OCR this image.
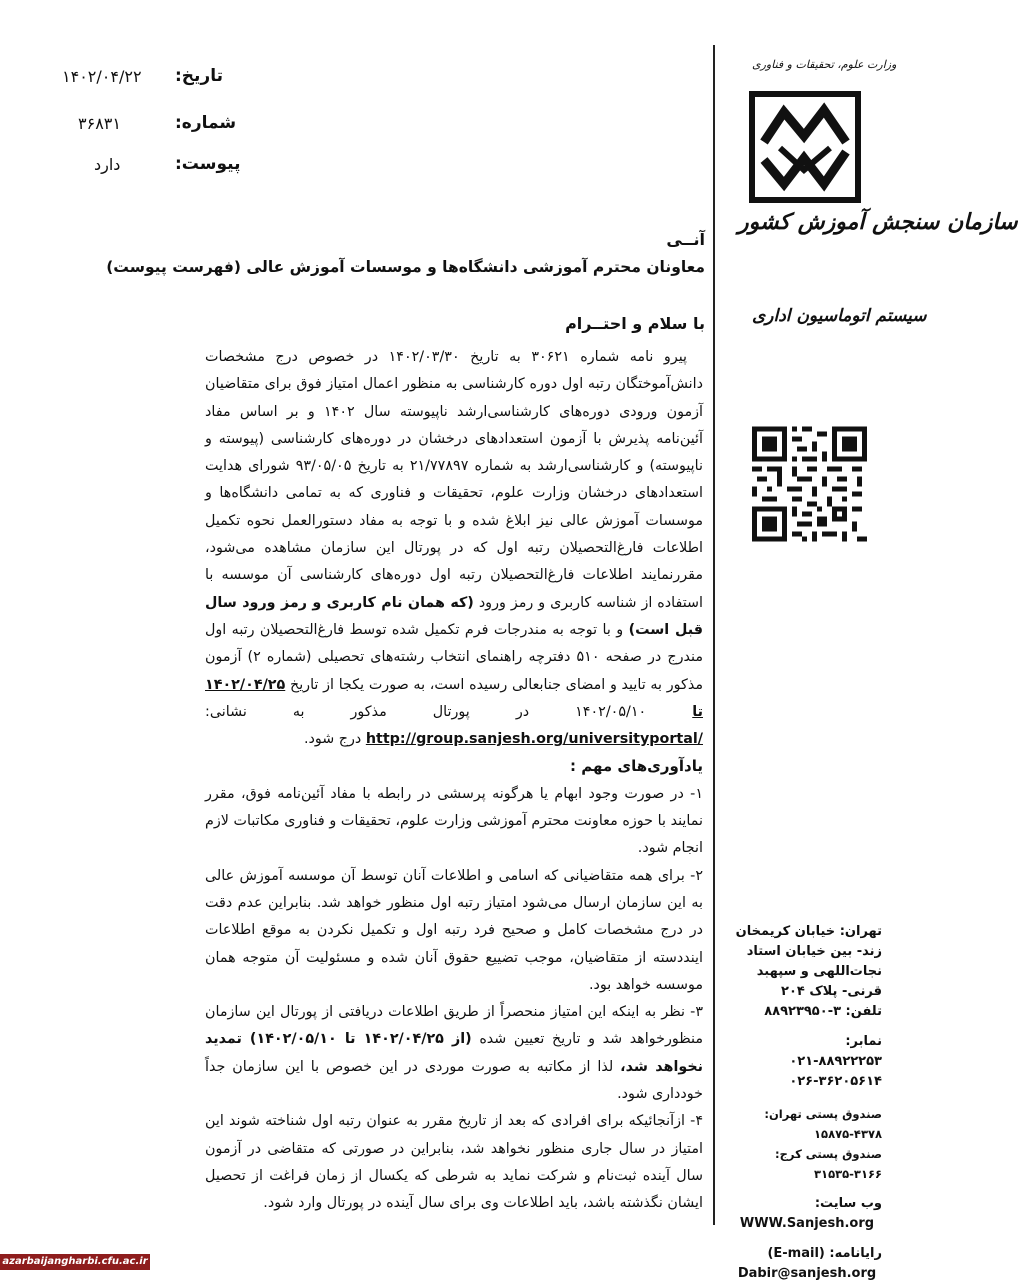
تاریخ:
۱۴۰۲/۰۴/۲۲
شماره:
۳۶۸۳۱
پیوست:
دارد
وزارت علوم، تحقیقات و فناوری
سازمان سنجش آموزش کشور
سیستم اتوماسیون اداری
آنــی
معاونان محترم آموزشی دانشگاه‌ها و موسسات آموزش عالی (فهرست پیوست)
با سلام و احتــرام

پیرو نامه شماره ۳۰۶۲۱ به تاریخ ۱۴۰۲/۰۳/۳۰ در خصوص درج مشخصات دانش‌آموختگان رتبه اول دوره کارشناسی به منظور اعمال امتیاز فوق برای متقاضیان آزمون ورودی دوره‌های کارشناسی‌ارشد ناپیوسته سال ۱۴۰۲ و بر اساس مفاد آئین‌نامه پذیرش با آزمون استعدادهای درخشان در دوره‌های کارشناسی (پیوسته و ناپیوسته) و کارشناسی‌ارشد به شماره ۲۱/۷۷۸۹۷ به تاریخ ۹۳/۰۵/۰۵ شورای هدایت استعدادهای درخشان وزارت علوم، تحقیقات و فناوری که به تمامی دانشگاه‌ها و موسسات آموزش عالی نیز ابلاغ شده و با توجه به مفاد دستورالعمل نحوه تکمیل اطلاعات فارغ‌التحصیلان رتبه اول که در پورتال این سازمان مشاهده می‌شود، مقررنمایند اطلاعات فارغ‌التحصیلان رتبه اول دوره‌های کارشناسی آن موسسه با استفاده از شناسه کاربری و رمز ورود (که همان نام کاربری و رمز ورود سال قبل است) و با توجه به مندرجات فرم تکمیل شده توسط فارغ‌التحصیلان رتبه اول مندرج در صفحه ۵۱۰ دفترچه راهنمای انتخاب رشته‌های تحصیلی (شماره ۲) آزمون مذکور به تایید و امضای جنابعالی رسیده است، به صورت یکجا از تاریخ ۱۴۰۲/۰۴/۲۵ تا ۱۴۰۲/۰۵/۱۰ در پورتال مذکور به نشانی: http://group.sanjesh.org/universityportal/ درج شود.

یادآوری‌های مهم :

۱- در صورت وجود ابهام یا هرگونه پرسشی در رابطه با مفاد آئین‌نامه فوق، مقرر نمایند با حوزه معاونت محترم آموزشی وزارت علوم، تحقیقات و فناوری مکاتبات لازم انجام شود.

۲- برای همه متقاضیانی که اسامی و اطلاعات آنان توسط آن موسسه آموزش عالی به این سازمان ارسال می‌شود امتیاز رتبه اول منظور خواهد شد. بنابراین عدم دقت در درج مشخصات کامل و صحیح فرد رتبه اول و تکمیل نکردن به موقع اطلاعات اینددسته از متقاضیان، موجب تضییع حقوق آنان شده و مسئولیت آن متوجه همان موسسه خواهد بود.

۳- نظر به اینکه این امتیاز منحصراً از طریق اطلاعات دریافتی از پورتال این سازمان منظورخواهد شد و تاریخ تعیین شده (از ۱۴۰۲/۰۴/۲۵ تا ۱۴۰۲/۰۵/۱۰) تمدید نخواهد شد، لذا از مکاتبه به صورت موردی در این خصوص با این سازمان جداً خودداری شود.

۴- ازآنجائیکه برای افرادی که بعد از تاریخ مقرر به عنوان رتبه اول شناخته شوند این امتیاز در سال جاری منظور نخواهد شد، بنابراین در صورتی که متقاضی در آزمون سال آینده ثبت‌نام و شرکت نماید به شرطی که یکسال از زمان فراغت از تحصیل ایشان نگذشته باشد، باید اطلاعات وی برای سال آینده در پورتال وارد شود.

تهران: خیابان کریمخان زند- بین خیابان استاد نجات‌اللهی و سپهبد قرنی- پلاک ۲۰۴
تلفن: ۳-۸۸۹۲۳۹۵۰
نمابر:
۰۲۱-۸۸۹۲۲۲۵۳
۰۲۶-۳۶۲۰۵۶۱۴
صندوق پستی تهران: ۴۳۷۸-۱۵۸۷۵
صندوق پستی کرج: ۳۱۶۶-۳۱۵۳۵
وب سایت:
WWW.Sanjesh.org
رایانامه: (E-mail)
Dabir@sanjesh.org
azarbaijangharbi.cfu.ac.ir
